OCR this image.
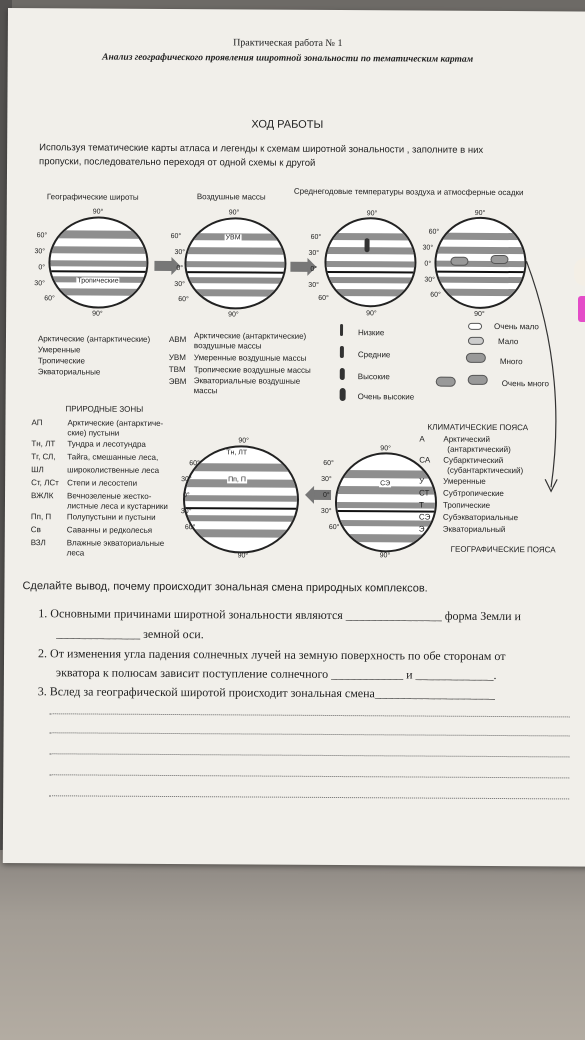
Практическая работа № 1
Анализ географического проявления широтной зональности по тематическим картам
ХОД РАБОТЫ
Используя тематические карты атласа и легенды к схемам широтной зональности , заполните в них
пропуски, последовательно переходя от одной схемы к другой
Географические широты	Воздушные массы	Среднегодовые температуры воздуха и атмосферные осадки
90°
60°
30°
0°
30°
60°
90°
Тропические
90°
60°
30°
0°
30°
60°
90°
УВМ
90°
60°
30°
0°
30°
60°
90°
90°
60°
30°
0°
30°
60°
90°
Арктические (антарктические)
Умеренные
Тропические
Экваториальные
АВМ Арктические (антарктические)
воздушные массы
УВМ Умеренные воздушные массы
ТВМ Тропические воздушные массы
ЭВМ Экваториальные воздушные
массы
Низкие
Средние
Высокие
Очень высокие
Очень мало
Мало
Много
Очень много
ПРИРОДНЫЕ ЗОНЫ
АП	Арктические (антарктиче-
ские) пустыни
Тн, ЛТ Тундра и лесотундра
Тг, СЛ, Тайга, смешанные леса,
ШЛ	широколиственные леса
Ст, ЛСт Степи и лесостепи
ВЖЛК Вечнозеленые жестко-
листные леса и кустарники
Пп, П Полупустыни и пустыни
Св	Саванны и редколесья
ВЗЛ	Влажные экваториальные
леса
90°
Тн, ЛТ
Пп, П
60°
30°
0°
30°
60°
90°
90°
СЭ
60°
30°
0°
30°
60°
90°
КЛИМАТИЧЕСКИЕ ПОЯСА
А Арктический
(антарктический)
СА Субарктический
(субантарктический)
У Умеренные
СТ Субтропические
Т Тропические
СЭ Субэкваториальные
Э Экваториальный
ГЕОГРАФИЧЕСКИЕ ПОЯСА
Сделайте вывод, почему происходит зональная смена природных комплексов.
1. Основными причинами широтной зональности являются ________________ форма Земли и
______________ земной оси.
2. От изменения угла падения солнечных лучей на земную поверхность по обе сторонам от
экватора к полюсам зависит поступление солнечного ____________ и _____________.
3. Вслед за географической широтой происходит зональная смена____________________
